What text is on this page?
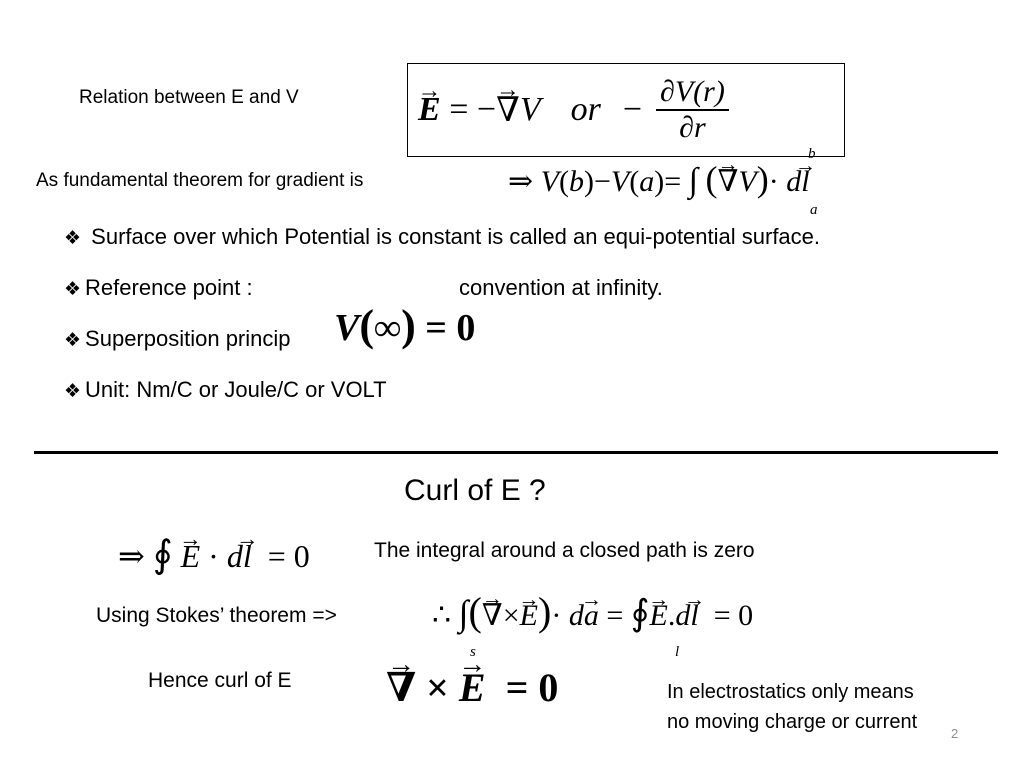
Relation between E and V	→ E
=
− → ∇ V or − $\frac{\partial V(r)}{\partial r}$
As fundamental theorem for gradient is	⇒ V(b)−V(a)= ∫ (→ ∇V)· d→ l
b
a
❖ Surface over which Potential is constant is called an equi-potential surface.
❖ Reference point :	convention at infinity.
❖ Superposition princip V(∞) = 0
❖ Unit: Nm/C or Joule/C or VOLT
Curl of E ?
⇒ ∮ → E · d→ l = 0	The integral around a closed path is zero
Using Stokes’ theorem =>	∴ ∫(→ ∇×→ E)· d→ a = ∮→ E.d→ l = 0
s	l
Hence curl of E → ∇ × → E = 0	In electrostatics only means
no moving charge or current
2
